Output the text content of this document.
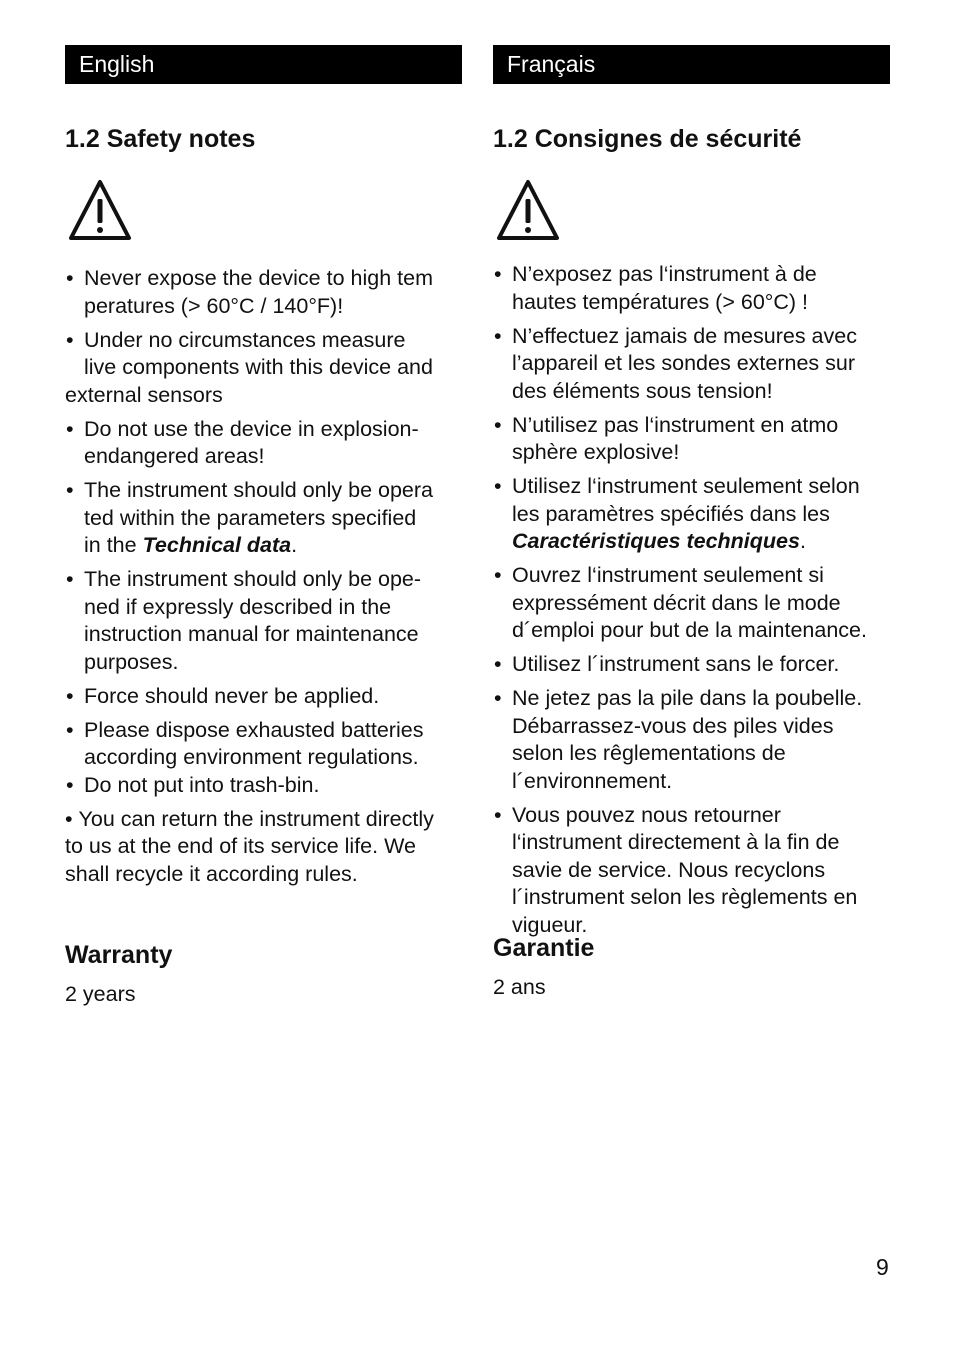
English
1.2 Safety notes
• Never expose the device to high tem
peratures (> 60°C / 140°F)!
• Under no circumstances measure
live components with this device and
external sensors
• Do not use the device in explosion-
endangered areas!
• The instrument should only be opera
ted within the parameters specified
in the Technical data.
• The instrument should only be ope-
ned if expressly described in the
instruction manual for maintenance
purposes.
• Force should never be applied.
• Please dispose exhausted batteries
according environment regulations.
• Do not put into trash-bin.
• You can return the instrument directly
to us at the end of its service life. We
shall recycle it according rules.
Warranty

2 years

Français
1.2 Consignes de sécurité
• N’exposez pas l‘instrument à de
hautes températures (> 60°C) !
• N’effectuez jamais de mesures avec
l’appareil et les sondes externes sur
des éléments sous tension!
• N’utilisez pas l‘instrument en atmo
sphère explosive!
• Utilisez l‘instrument seulement selon
les paramètres spécifiés dans les
Caractéristiques techniques.
• Ouvrez l‘instrument seulement si
expressément décrit dans le mode
d´emploi pour but de la maintenance.
• Utilisez l´instrument sans le forcer.
• Ne jetez pas la pile dans la poubelle.
Débarrassez-vous des piles vides
selon les rêglementations de
l´environnement.
• Vous pouvez nous retourner
l‘instrument directement à la fin de
savie de service. Nous recyclons
l´instrument selon les règlements en
vigueur.
Garantie

2 ans

9
